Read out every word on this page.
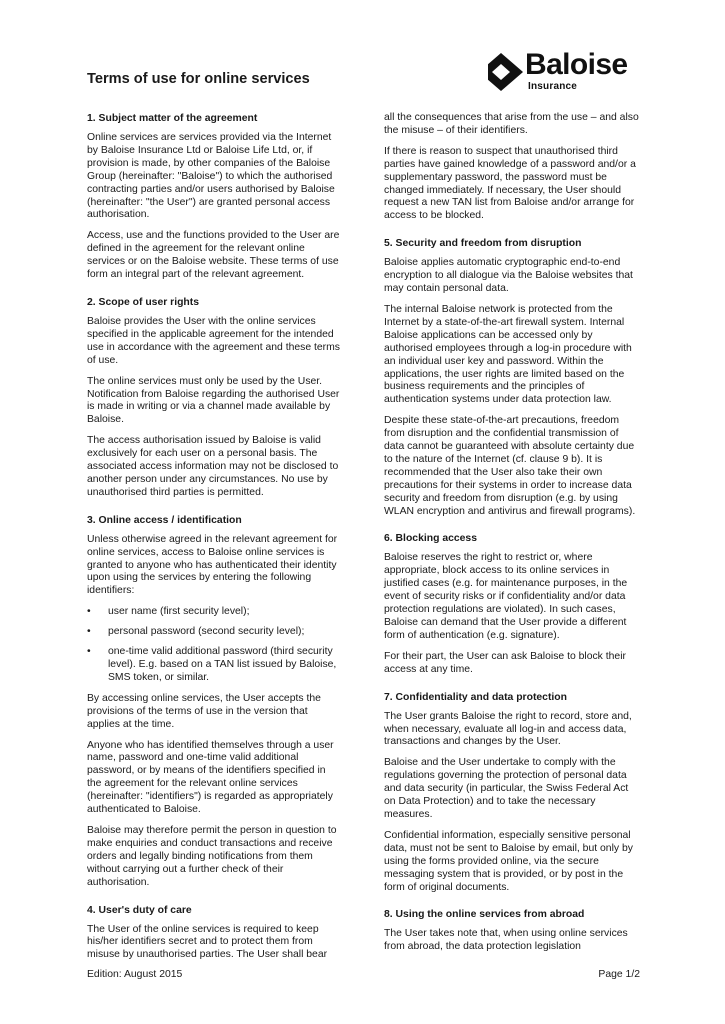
Terms of use for online services	Baloise
Insurance
1. Subject matter of the agreement

Online services are services provided via the Internet by Baloise Insurance Ltd or Baloise Life Ltd, or, if provision is made, by other companies of the Baloise Group (hereinafter: "Baloise") to which the authorised contracting parties and/or users authorised by Baloise (hereinafter: "the User") are granted personal access authorisation.

Access, use and the functions provided to the User are defined in the agreement for the relevant online services or on the Baloise website. These terms of use form an integral part of the relevant agreement.

2. Scope of user rights

Baloise provides the User with the online services specified in the applicable agreement for the intended use in accordance with the agreement and these terms of use.

The online services must only be used by the User. Notification from Baloise regarding the authorised User is made in writing or via a channel made available by Baloise.

The access authorisation issued by Baloise is valid exclusively for each user on a personal basis. The associated access information may not be disclosed to another person under any circumstances. No use by unauthorised third parties is permitted.

3. Online access / identification

Unless otherwise agreed in the relevant agreement for online services, access to Baloise online services is granted to anyone who has authenticated their identity upon using the services by entering the following identifiers:

• user name (first security level);
• personal password (second security level);
• one-time valid additional password (third security level). E.g. based on a TAN list issued by Baloise, SMS token, or similar.

By accessing online services, the User accepts the provisions of the terms of use in the version that applies at the time.

Anyone who has identified themselves through a user name, password and one-time valid additional password, or by means of the identifiers specified in the agreement for the relevant online services (hereinafter: "identifiers") is regarded as appropriately authenticated to Baloise.

Baloise may therefore permit the person in question to make enquiries and conduct transactions and receive orders and legally binding notifications from them without carrying out a further check of their authorisation.

4. User's duty of care

The User of the online services is required to keep his/her identifiers secret and to protect them from misuse by unauthorised parties. The User shall bear

all the consequences that arise from the use – and also the misuse – of their identifiers.

If there is reason to suspect that unauthorised third parties have gained knowledge of a password and/or a supplementary password, the password must be changed immediately. If necessary, the User should request a new TAN list from Baloise and/or arrange for access to be blocked.

5. Security and freedom from disruption

Baloise applies automatic cryptographic end-to-end encryption to all dialogue via the Baloise websites that may contain personal data.

The internal Baloise network is protected from the Internet by a state-of-the-art firewall system. Internal Baloise applications can be accessed only by authorised employees through a log-in procedure with an individual user key and password. Within the applications, the user rights are limited based on the business requirements and the principles of authentication systems under data protection law.

Despite these state-of-the-art precautions, freedom from disruption and the confidential transmission of data cannot be guaranteed with absolute certainty due to the nature of the Internet (cf. clause 9 b). It is recommended that the User also take their own precautions for their systems in order to increase data security and freedom from disruption (e.g. by using WLAN encryption and antivirus and firewall programs).

6. Blocking access

Baloise reserves the right to restrict or, where appropriate, block access to its online services in justified cases (e.g. for maintenance purposes, in the event of security risks or if confidentiality and/or data protection regulations are violated). In such cases, Baloise can demand that the User provide a different form of authentication (e.g. signature).

For their part, the User can ask Baloise to block their access at any time.

7. Confidentiality and data protection

The User grants Baloise the right to record, store and, when necessary, evaluate all log-in and access data, transactions and changes by the User.

Baloise and the User undertake to comply with the regulations governing the protection of personal data and data security (in particular, the Swiss Federal Act on Data Protection) and to take the necessary measures.

Confidential information, especially sensitive personal data, must not be sent to Baloise by email, but only by using the forms provided online, via the secure messaging system that is provided, or by post in the form of original documents.

8. Using the online services from abroad

The User takes note that, when using online services from abroad, the data protection legislation

Edition: August 2015	Page 1/2
